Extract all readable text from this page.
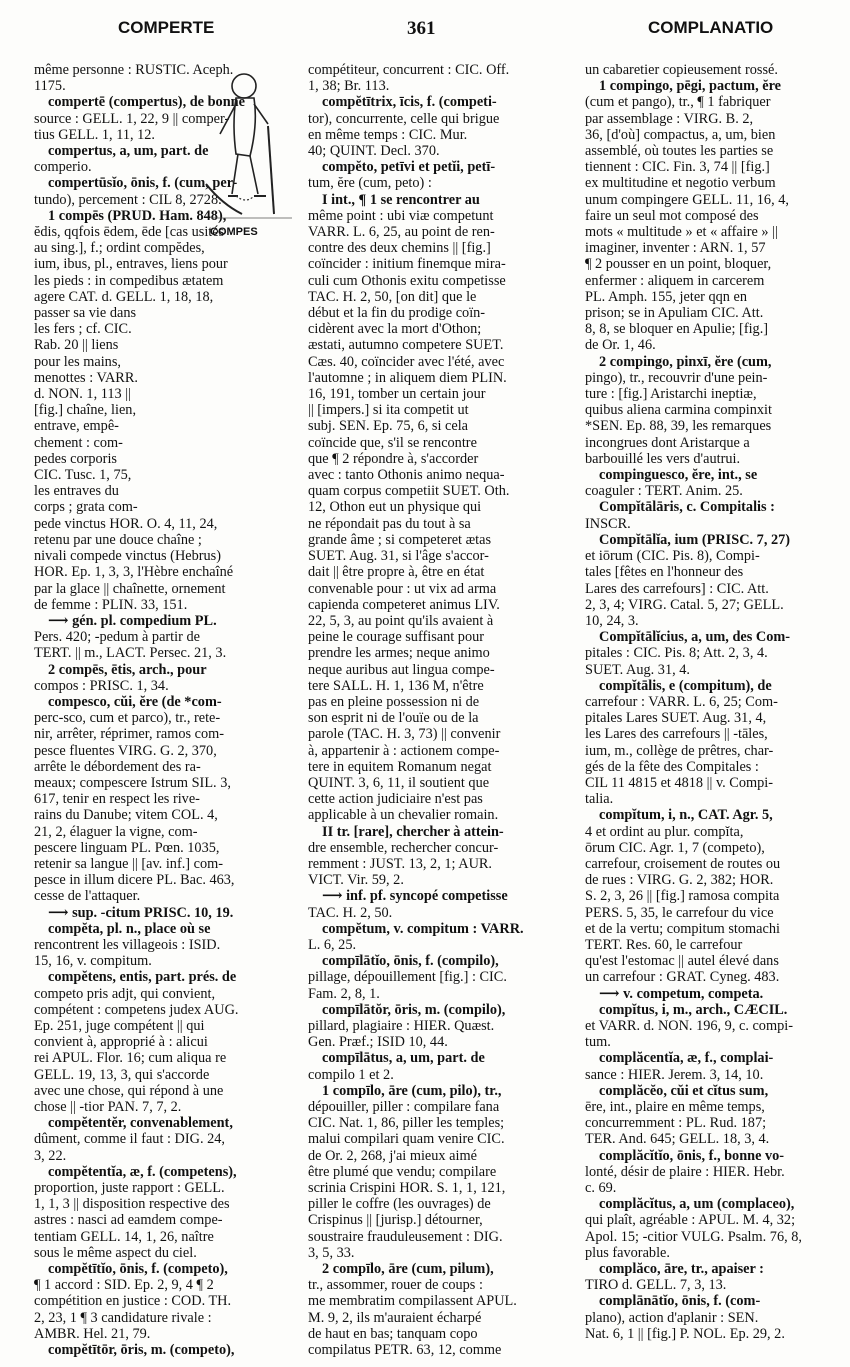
COMPERTE	361	COMPLANATIO
COMPES
même personne : RUSTIC. Aceph.
1175.
compertē (compertus), de bonne
source : GELL. 1, 22, 9 || comper-
tius GELL. 1, 11, 12.
compertus, a, um, part. de
comperio.
compertūsĭo, ōnis, f. (cum, per-
tundo), percement : CIL 8, 2728.
1 compēs (PRUD. Ham. 848),
ĕdis, qqfois ēdem, ēde [cas usités
au sing.], f.; ordint compĕdes,
ium, ibus, pl., entraves, liens pour
les pieds : in compedibus ætatem
agere CAT. d. GELL. 1, 18, 18,
passer sa vie dans
les fers ; cf. CIC.
Rab. 20 || liens
pour les mains,
menottes : VARR.
d. NON. 1, 113 ||
[fig.] chaîne, lien,
entrave, empê-
chement : com-
pedes corporis
CIC. Tusc. 1, 75,
les entraves du
corps ; grata com-
pede vinctus HOR. O. 4, 11, 24,
retenu par une douce chaîne ;
nivali compede vinctus (Hebrus)
HOR. Ep. 1, 3, 3, l'Hèbre enchaîné
par la glace || chaînette, ornement
de femme : PLIN. 33, 151.
⟶ gén. pl. compedium PL.
Pers. 420; -pedum à partir de
TERT. || m., LACT. Persec. 21, 3.
2 compēs, ētis, arch., pour
compos : PRISC. 1, 34.
compesco, cŭi, ĕre (de *com-
perc-sco, cum et parco), tr., rete-
nir, arrêter, réprimer, ramos com-
pesce fluentes VIRG. G. 2, 370,
arrête le débordement des ra-
meaux; compescere Istrum SIL. 3,
617, tenir en respect les rive-
rains du Danube; vitem COL. 4,
21, 2, élaguer la vigne, com-
pescere linguam PL. Pœn. 1035,
retenir sa langue || [av. inf.] com-
pesce in illum dicere PL. Bac. 463,
cesse de l'attaquer.
⟶ sup. -citum PRISC. 10, 19.
compĕta, pl. n., place où se
rencontrent les villageois : ISID.
15, 16, v. compitum.
compĕtens, entis, part. prés. de
competo pris adjt, qui convient,
compétent : competens judex AUG.
Ep. 251, juge compétent || qui
convient à, approprié à : alicui
rei APUL. Flor. 16; cum aliqua re
GELL. 19, 13, 3, qui s'accorde
avec une chose, qui répond à une
chose || -tior PAN. 7, 7, 2.
compĕtentĕr, convenablement,
dûment, comme il faut : DIG. 24,
3, 22.
compĕtentĭa, æ, f. (competens),
proportion, juste rapport : GELL.
1, 1, 3 || disposition respective des
astres : nasci ad eamdem compe-
tentiam GELL. 14, 1, 26, naître
sous le même aspect du ciel.
compĕtītĭo, ōnis, f. (competo),
¶ 1 accord : SID. Ep. 2, 9, 4 ¶ 2
compétition en justice : COD. TH.
2, 23, 1 ¶ 3 candidature rivale :
AMBR. Hel. 21, 79.
compĕtītōr, ōris, m. (competo),
compétiteur, concurrent : CIC. Off.
1, 38; Br. 113.
compĕtītrix, īcis, f. (competi-
tor), concurrente, celle qui brigue
en même temps : CIC. Mur.
40; QUINT. Decl. 370.
compĕto, petīvi et petĭi, petī-
tum, ĕre (cum, peto) :
I int., ¶ 1 se rencontrer au
même point : ubi viæ competunt
VARR. L. 6, 25, au point de ren-
contre des deux chemins || [fig.]
coïncider : initium finemque mira-
culi cum Othonis exitu competisse
TAC. H. 2, 50, [on dit] que le
début et la fin du prodige coïn-
cidèrent avec la mort d'Othon;
æstati, autumno competere SUET.
Cæs. 40, coïncider avec l'été, avec
l'automne ; in aliquem diem PLIN.
16, 191, tomber un certain jour
|| [impers.] si ita competit ut
subj. SEN. Ep. 75, 6, si cela
coïncide que, s'il se rencontre
que ¶ 2 répondre à, s'accorder
avec : tanto Othonis animo nequa-
quam corpus competiit SUET. Oth.
12, Othon eut un physique qui
ne répondait pas du tout à sa
grande âme ; si competeret ætas
SUET. Aug. 31, si l'âge s'accor-
dait || être propre à, être en état
convenable pour : ut vix ad arma
capienda competeret animus LIV.
22, 5, 3, au point qu'ils avaient à
peine le courage suffisant pour
prendre les armes; neque animo
neque auribus aut lingua compe-
tere SALL. H. 1, 136 M, n'être
pas en pleine possession ni de
son esprit ni de l'ouïe ou de la
parole (TAC. H. 3, 73) || convenir
à, appartenir à : actionem compe-
tere in equitem Romanum negat
QUINT. 3, 6, 11, il soutient que
cette action judiciaire n'est pas
applicable à un chevalier romain.
II tr. [rare], chercher à attein-
dre ensemble, rechercher concur-
remment : JUST. 13, 2, 1; AUR.
VICT. Vir. 59, 2.
⟶ inf. pf. syncopé competisse
TAC. H. 2, 50.
compĕtum, v. compitum : VARR.
L. 6, 25.
compīlātĭo, ōnis, f. (compilo),
pillage, dépouillement [fig.] : CIC.
Fam. 2, 8, 1.
compīlātŏr, ōris, m. (compilo),
pillard, plagiaire : HIER. Quæst.
Gen. Præf.; ISID 10, 44.
compīlātus, a, um, part. de
compilo 1 et 2.
1 compīlo, āre (cum, pilo), tr.,
dépouiller, piller : compilare fana
CIC. Nat. 1, 86, piller les temples;
malui compilari quam venire CIC.
de Or. 2, 268, j'ai mieux aimé
être plumé que vendu; compilare
scrinia Crispini HOR. S. 1, 1, 121,
piller le coffre (les ouvrages) de
Crispinus || [jurisp.] détourner,
soustraire frauduleusement : DIG.
3, 5, 33.
2 compīlo, āre (cum, pilum),
tr., assommer, rouer de coups :
me membratim compilassent APUL.
M. 9, 2, ils m'auraient écharpé
de haut en bas; tanquam copo
compilatus PETR. 63, 12, comme
un cabaretier copieusement rossé.
1 compingo, pēgi, pactum, ĕre
(cum et pango), tr., ¶ 1 fabriquer
par assemblage : VIRG. B. 2,
36, [d'où] compactus, a, um, bien
assemblé, où toutes les parties se
tiennent : CIC. Fin. 3, 74 || [fig.]
ex multitudine et negotio verbum
unum compingere GELL. 11, 16, 4,
faire un seul mot composé des
mots « multitude » et « affaire » ||
imaginer, inventer : ARN. 1, 57
¶ 2 pousser en un point, bloquer,
enfermer : aliquem in carcerem
PL. Amph. 155, jeter qqn en
prison; se in Apuliam CIC. Att.
8, 8, se bloquer en Apulie; [fig.]
de Or. 1, 46.
2 compingo, pinxī, ĕre (cum,
pingo), tr., recouvrir d'une pein-
ture : [fig.] Aristarchi ineptiæ,
quibus aliena carmina compinxit
*SEN. Ep. 88, 39, les remarques
incongrues dont Aristarque a
barbouillé les vers d'autrui.
compinguesco, ĕre, int., se
coaguler : TERT. Anim. 25.
Compĭtālāris, c. Compitalis :
INSCR.
Compĭtālĭa, ium (PRISC. 7, 27)
et iōrum (CIC. Pis. 8), Compi-
tales [fêtes en l'honneur des
Lares des carrefours] : CIC. Att.
2, 3, 4; VIRG. Catal. 5, 27; GELL.
10, 24, 3.
Compĭtālĭcius, a, um, des Com-
pitales : CIC. Pis. 8; Att. 2, 3, 4.
SUET. Aug. 31, 4.
compĭtālis, e (compitum), de
carrefour : VARR. L. 6, 25; Com-
pitales Lares SUET. Aug. 31, 4,
les Lares des carrefours || -tāles,
ium, m., collège de prêtres, char-
gés de la fête des Compitales :
CIL 11 4815 et 4818 || v. Compi-
talia.
compĭtum, i, n., CAT. Agr. 5,
4 et ordint au plur. compĭta,
ōrum CIC. Agr. 1, 7 (competo),
carrefour, croisement de routes ou
de rues : VIRG. G. 2, 382; HOR.
S. 2, 3, 26 || [fig.] ramosa compita
PERS. 5, 35, le carrefour du vice
et de la vertu; compitum stomachi
TERT. Res. 60, le carrefour
qu'est l'estomac || autel élevé dans
un carrefour : GRAT. Cyneg. 483.
⟶ v. competum, competa.
compĭtus, i, m., arch., CÆCIL.
et VARR. d. NON. 196, 9, c. compi-
tum.
complăcentĭa, æ, f., complai-
sance : HIER. Jerem. 3, 14, 10.
complăcĕo, cŭi et cĭtus sum,
ēre, int., plaire en même temps,
concurremment : PL. Rud. 187;
TER. And. 645; GELL. 18, 3, 4.
complăcĭtĭo, ōnis, f., bonne vo-
lonté, désir de plaire : HIER. Hebr.
c. 69.
complăcĭtus, a, um (complaceo),
qui plaît, agréable : APUL. M. 4, 32;
Apol. 15; -citior VULG. Psalm. 76, 8,
plus favorable.
complăco, āre, tr., apaiser :
TIRO d. GELL. 7, 3, 13.
complānātĭo, ōnis, f. (com-
plano), action d'aplanir : SEN.
Nat. 6, 1 || [fig.] P. NOL. Ep. 29, 2.
